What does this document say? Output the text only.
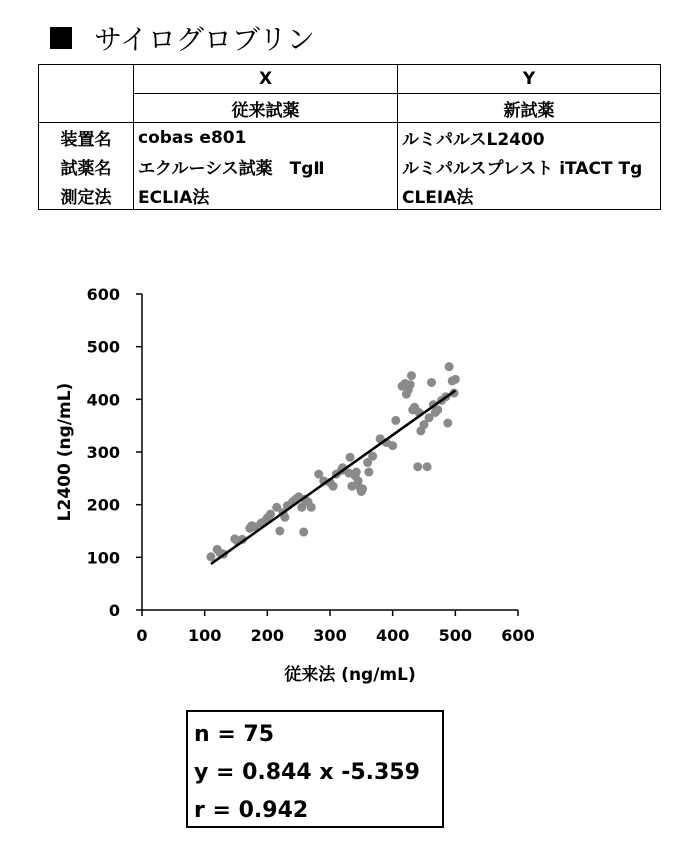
サイログロブリン
	X	Y
	従来試薬	新試薬
装置名	cobas e801	ルミパルスL2400
試薬名	エクルーシス試薬　TgⅡ	ルミパルスプレスト iTACT Tg
測定法	ECLIA法	CLEIA法
0
100
200
300
400
500
600
0	100 200 300 400 500 600
従来法 (ng/mL)
L2400 (ng/mL)
n = 75
y = 0.844 x -5.359
r = 0.942
